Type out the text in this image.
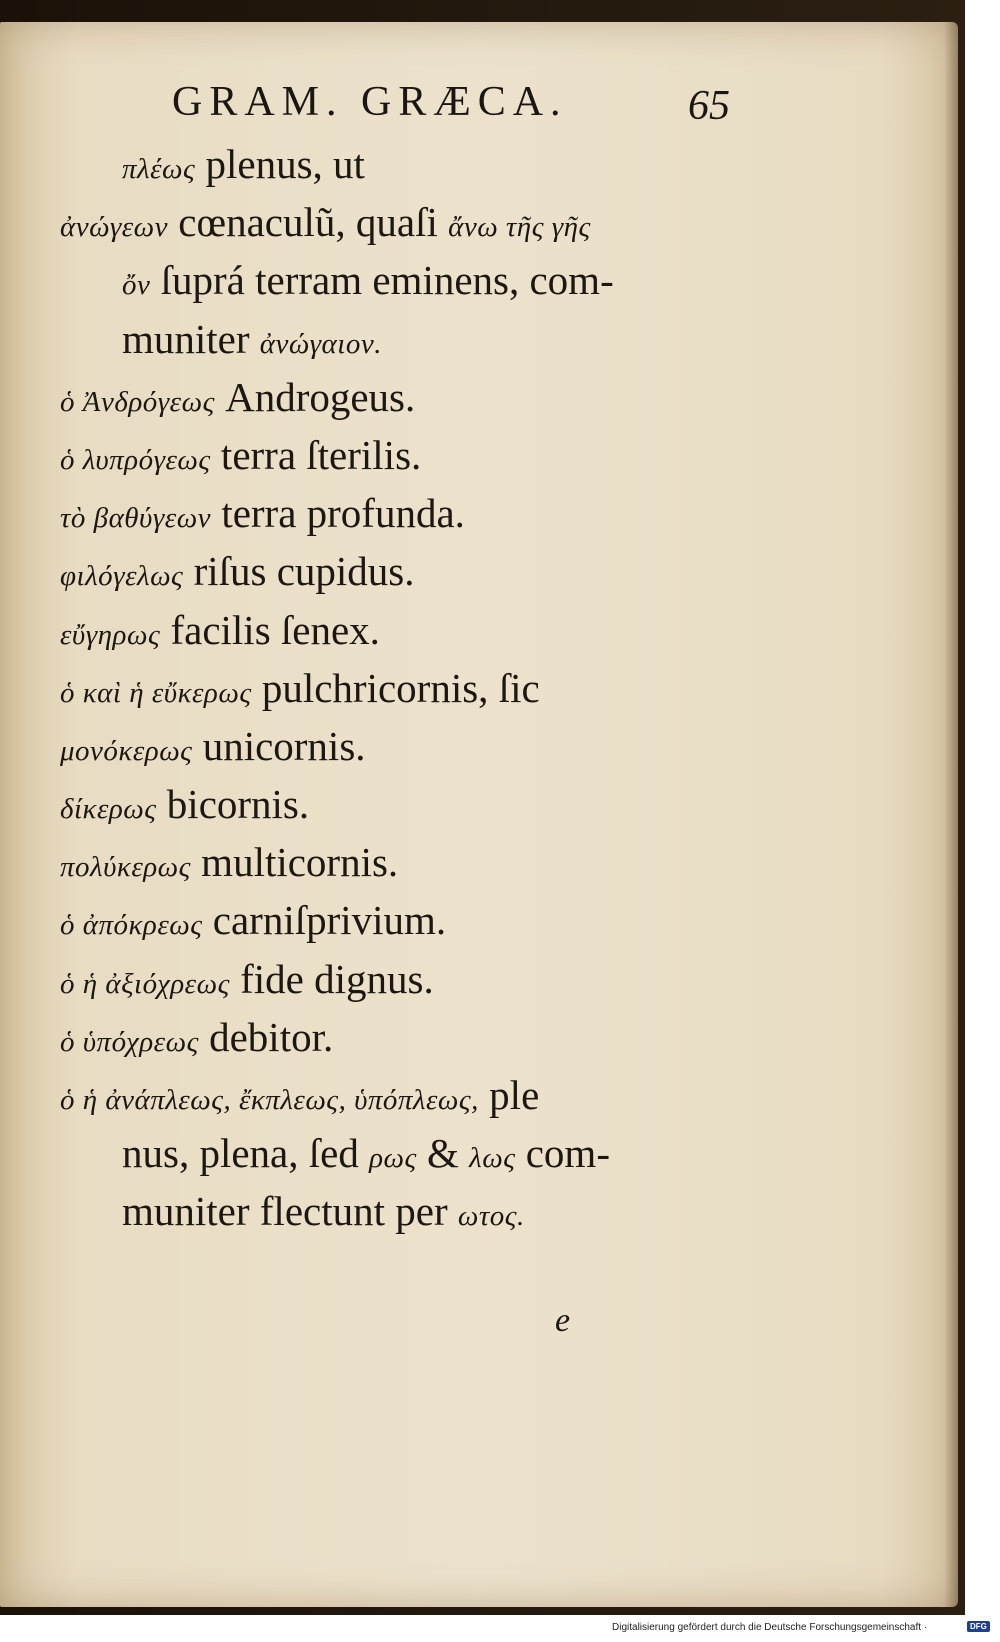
GRAM. GRÆCA.	65
πλέως plenus, ut
ἀνώγεων cœnaculũ, quaſi ἄνω τῆς γῆς
ὄν ſuprá terram eminens, com-
muniter ἀνώγαιον.
ὁ Ἀνδρόγεως Androgeus.
ὁ λυπρόγεως terra ſterilis.
τὸ βαθύγεων terra profunda.
φιλόγελως riſus cupidus.
εὔγηρως facilis ſenex.
ὁ καὶ ἡ εὔκερως pulchricornis, ſic
μονόκερως unicornis.
δίκερως bicornis.
πολύκερως multicornis.
ὁ ἀπόκρεως carniſprivium.
ὁ ἡ ἀξιόχρεως fide dignus.
ὁ ὑπόχρεως debitor.
ὁ ἡ ἀνάπλεως, ἔκπλεως, ὑπόπλεως, ple
nus, plena, ſed ρως & λως com-
muniter flectunt per ωτος.
e
Digitalisierung gefördert durch die Deutsche Forschungsgemeinschaft ·	DFG
